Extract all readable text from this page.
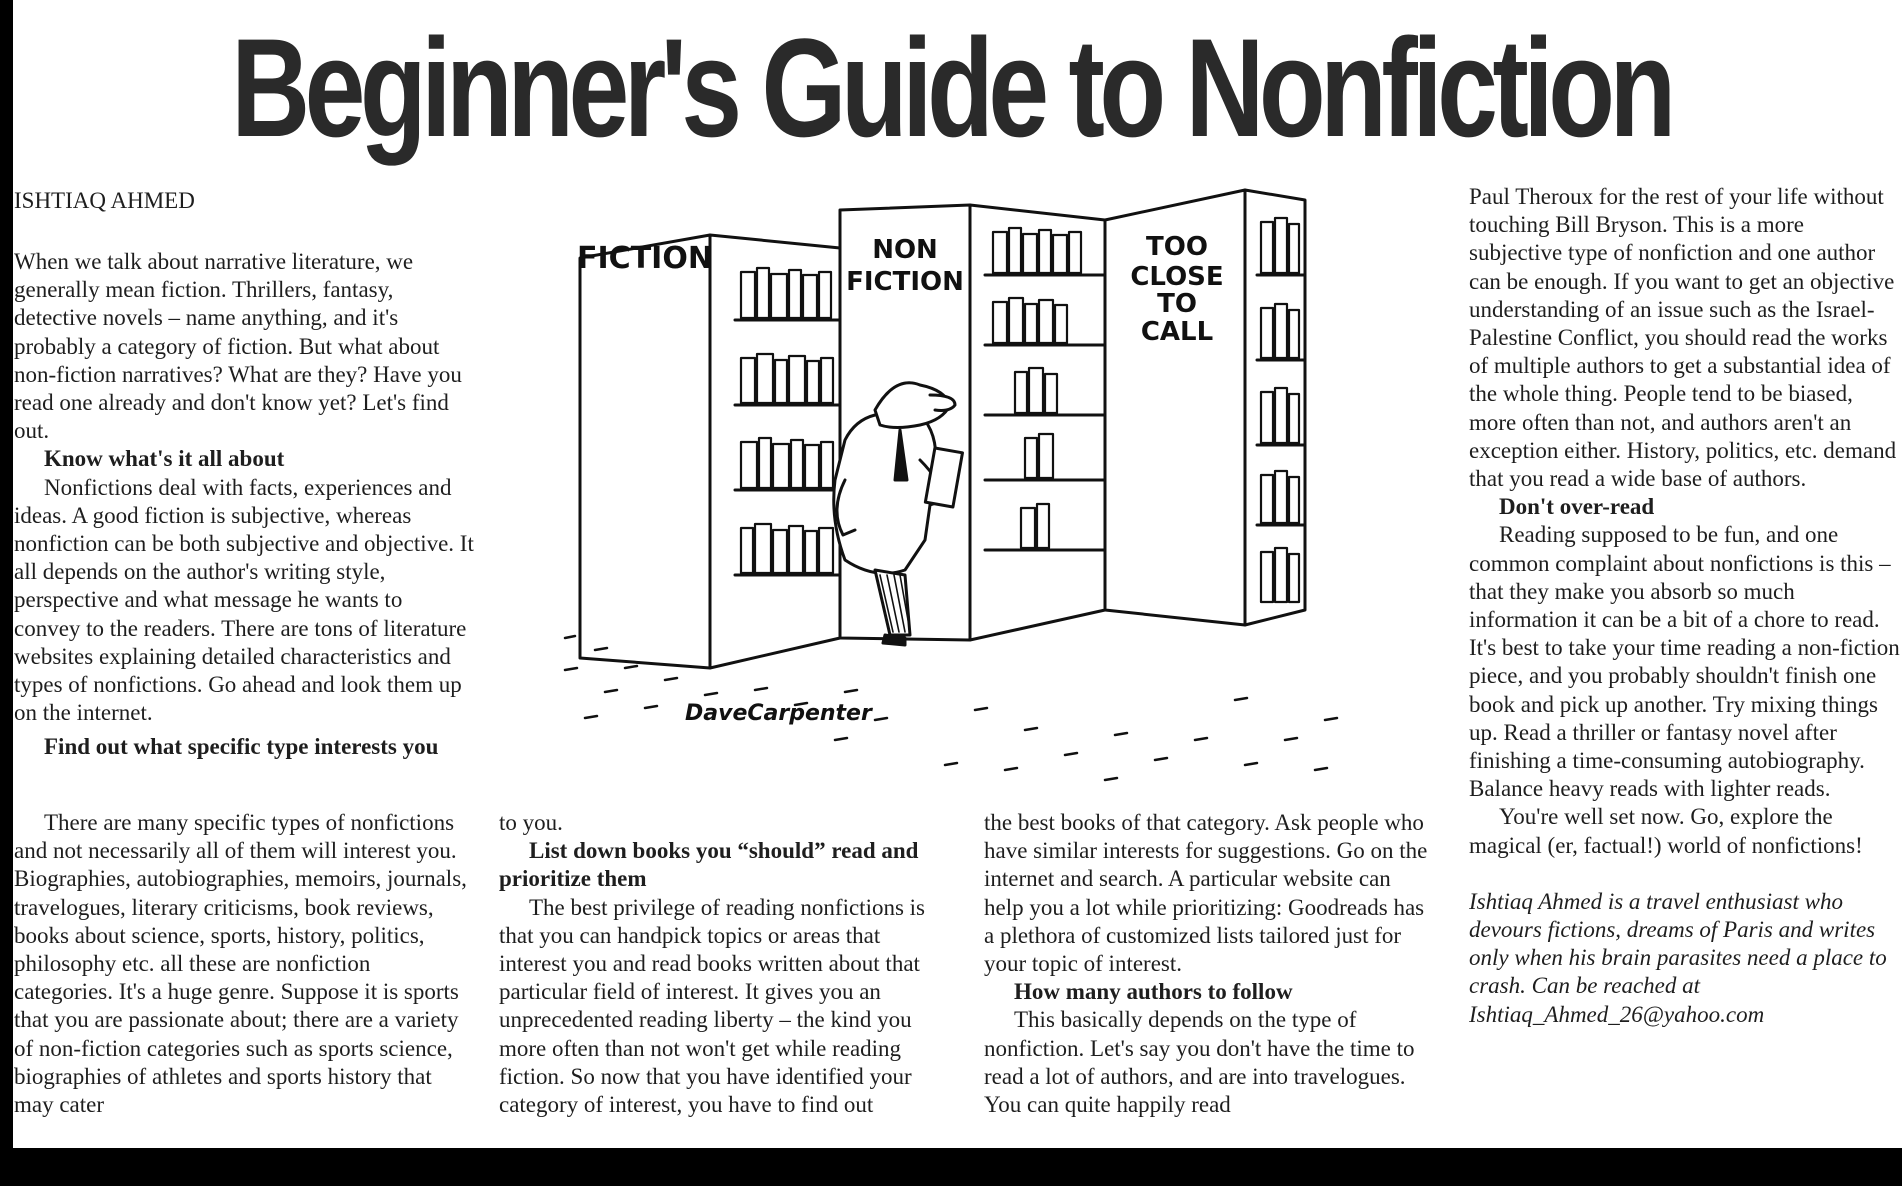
Beginner's Guide to Nonfiction
ISHTIAQ AHMED

When we talk about narrative literature, we generally mean fiction. Thrillers, fantasy, detective novels – name anything, and it's probably a category of fiction. But what about non-fiction narratives? What are they? Have you read one already and don't know yet? Let's find out.

Know what's it all about

Nonfictions deal with facts, experiences and ideas. A good fiction is subjective, whereas nonfiction can be both subjective and objective. It all depends on the author's writing style, perspective and what message he wants to convey to the readers. There are tons of literature websites explaining detailed characteristics and types of nonfictions. Go ahead and look them up on the internet.

Find out what specific type interests you

There are many specific types of nonfictions and not necessarily all of them will interest you. Biographies, autobiographies, memoirs, journals, travelogues, literary criticisms, book reviews, books about science, sports, history, politics, philosophy etc. all these are nonfiction categories. It's a huge genre. Suppose it is sports that you are passionate about; there are a variety of non-fiction categories such as sports science, biographies of athletes and sports history that may cater

to you.

List down books you “should” read and prioritize them

The best privilege of reading nonfictions is that you can handpick topics or areas that interest you and read books written about that particular field of interest. It gives you an unprecedented reading liberty – the kind you more often than not won't get while reading fiction. So now that you have identified your category of interest, you have to find out

the best books of that category. Ask people who have similar interests for suggestions. Go on the internet and search. A particular website can help you a lot while prioritizing: Goodreads has a plethora of customized lists tailored just for your topic of interest.

How many authors to follow

This basically depends on the type of nonfiction. Let's say you don't have the time to read a lot of authors, and are into travelogues. You can quite happily read

Paul Theroux for the rest of your life without touching Bill Bryson. This is a more subjective type of nonfiction and one author can be enough. If you want to get an objective understanding of an issue such as the Israel-Palestine Conflict, you should read the works of multiple authors to get a substantial idea of the whole thing. People tend to be biased, more often than not, and authors aren't an exception either. History, politics, etc. demand that you read a wide base of authors.

Don't over-read

Reading supposed to be fun, and one common complaint about nonfictions is this – that they make you absorb so much information it can be a bit of a chore to read. It's best to take your time reading a non-fiction piece, and you probably shouldn't finish one book and pick up another. Try mixing things up. Read a thriller or fantasy novel after finishing a time-consuming autobiography. Balance heavy reads with lighter reads.

You're well set now. Go, explore the magical (er, factual!) world of nonfictions!

Ishtiaq Ahmed is a travel enthusiast who devours fictions, dreams of Paris and writes only when his brain parasites need a place to crash. Can be reached at Ishtiaq_Ahmed_26@yahoo.com

FICTION	NON
FICTION
TOO
CLOSE
TO
CALL
DaveCarpenter
